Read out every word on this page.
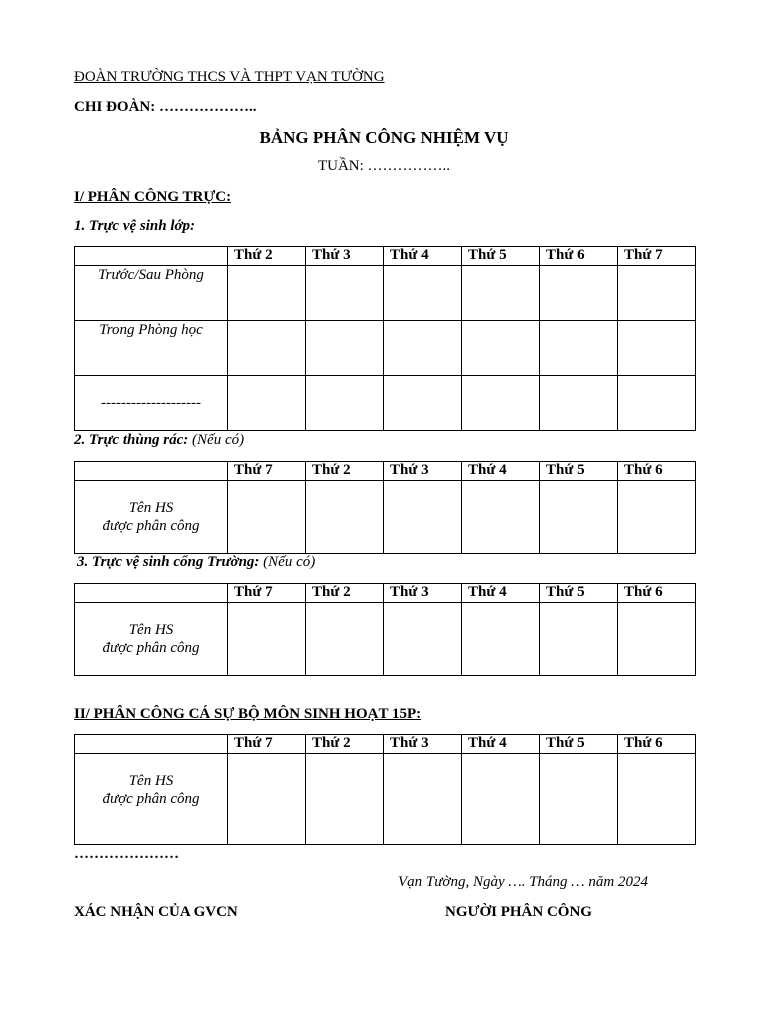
ĐOÀN TRƯỜNG THCS VÀ THPT VẠN TƯỜNG
CHI ĐOÀN: ………………..
BẢNG PHÂN CÔNG NHIỆM VỤ
TUẦN: ……………..
I/ PHÂN CÔNG TRỰC:
1. Trực vệ sinh lớp:
	Thứ 2	Thứ 3	Thứ 4	Thứ 5	Thứ 6	Thứ 7
Trước/Sau Phòng						
Trong Phòng học						
--------------------						
2. Trực thùng rác: (Nếu có)
	Thứ 7	Thứ 2	Thứ 3	Thứ 4	Thứ 5	Thứ 6

Tên HS
được phân công						

3. Trực vệ sinh cổng Trường: (Nếu có)
	Thứ 7	Thứ 2	Thứ 3	Thứ 4	Thứ 5	Thứ 6

Tên HS
được phân công						

II/ PHÂN CÔNG CÁ SỰ BỘ MÔN SINH HOẠT 15P:
	Thứ 7	Thứ 2	Thứ 3	Thứ 4	Thứ 5	Thứ 6

Tên HS
được phân công						

…………………
Vạn Tường, Ngày …. Tháng … năm 2024
XÁC NHẬN CỦA GVCN	NGƯỜI PHÂN CÔNG
